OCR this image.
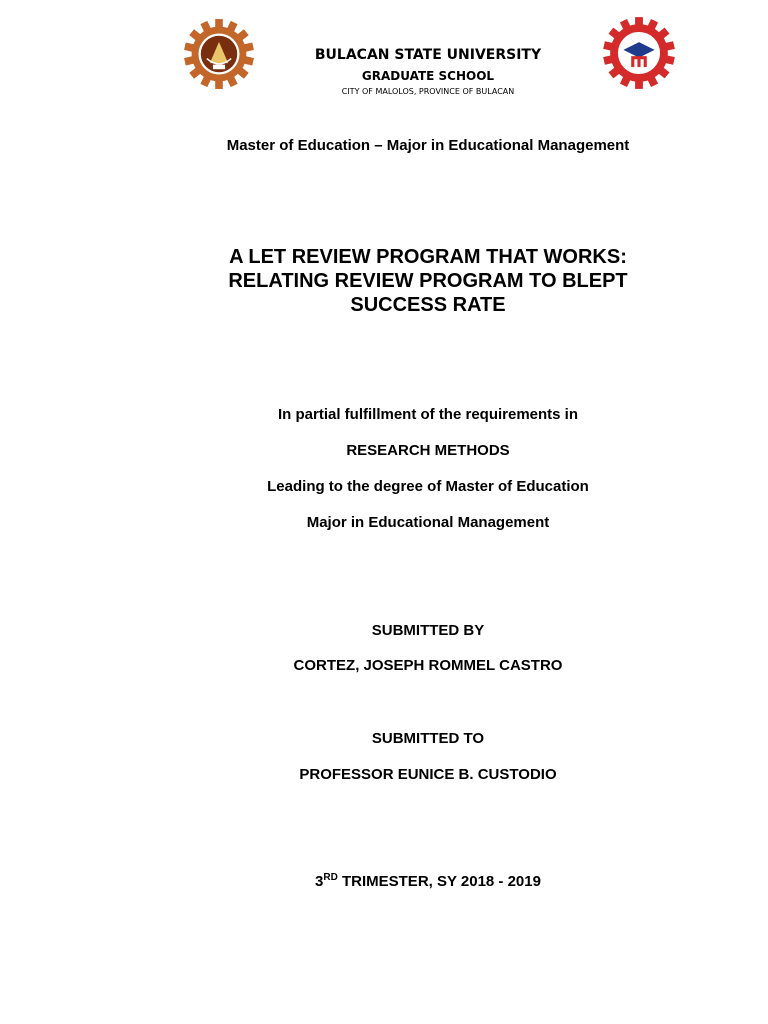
BULACAN STATE UNIVERSITY
GRADUATE SCHOOL
CITY OF MALOLOS, PROVINCE OF BULACAN
Master of Education – Major in Educational Management
A LET REVIEW PROGRAM THAT WORKS:
RELATING REVIEW PROGRAM TO BLEPT
SUCCESS RATE
In partial fulfillment of the requirements in
RESEARCH METHODS
Leading to the degree of Master of Education
Major in Educational Management
SUBMITTED BY
CORTEZ, JOSEPH ROMMEL CASTRO
SUBMITTED TO
PROFESSOR EUNICE B. CUSTODIO
3RD TRIMESTER, SY 2018 - 2019
